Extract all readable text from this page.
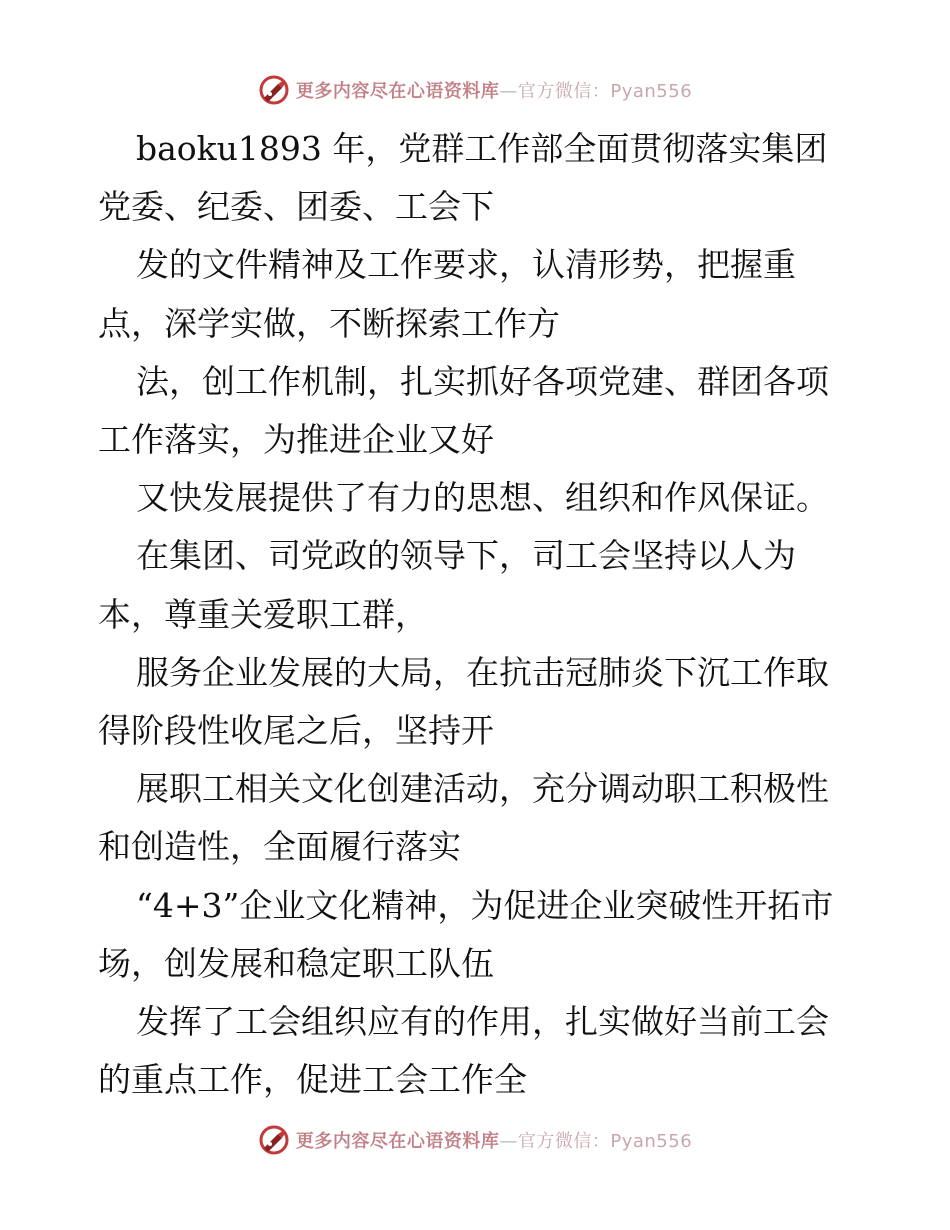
更多内容尽在心语资料库—官方微信：Pyan556

baoku1893 年，党群工作部全面贯彻落实集团党委、纪委、团委、工会下

发的文件精神及工作要求，认清形势，把握重点，深学实做，不断探索工作方

法，创工作机制，扎实抓好各项党建、群团各项工作落实，为推进企业又好

又快发展提供了有力的思想、组织和作风保证。

在集团、司党政的领导下，司工会坚持以人为本，尊重关爱职工群，

服务企业发展的大局，在抗击冠肺炎下沉工作取得阶段性收尾之后，坚持开

展职工相关文化创建活动，充分调动职工积极性和创造性，全面履行落实

“4+3”企业文化精神，为促进企业突破性开拓市场，创发展和稳定职工队伍

发挥了工会组织应有的作用，扎实做好当前工会的重点工作，促进工会工作全

更多内容尽在心语资料库—官方微信：Pyan556
